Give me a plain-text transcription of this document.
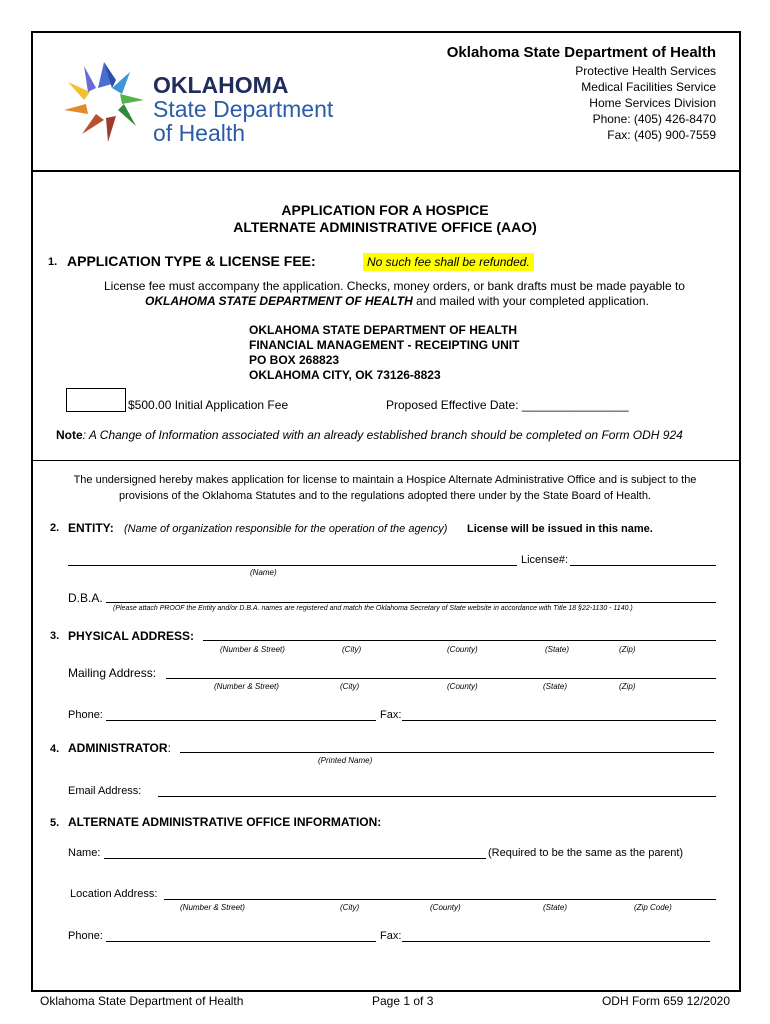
OKLAHOMA
State Department
of Health
Oklahoma State Department of Health
Protective Health Services
Medical Facilities Service
Home Services Division
Phone: (405) 426-8470
Fax: (405) 900-7559
APPLICATION FOR A HOSPICE
ALTERNATE ADMINISTRATIVE OFFICE (AAO)
1. APPLICATION TYPE & LICENSE FEE:	No such fee shall be refunded.
License fee must accompany the application. Checks, money orders, or bank drafts must be made payable to
OKLAHOMA STATE DEPARTMENT OF HEALTH and mailed with your completed application.
OKLAHOMA STATE DEPARTMENT OF HEALTH
FINANCIAL MANAGEMENT - RECEIPTING UNIT
PO BOX 268823
OKLAHOMA CITY, OK 73126-8823
$500.00 Initial Application Fee	Proposed Effective Date: ________________
Note: A Change of Information associated with an already established branch should be completed on Form ODH 924
The undersigned hereby makes application for license to maintain a Hospice Alternate Administrative Office and is subject to the
provisions of the Oklahoma Statutes and to the regulations adopted there under by the State Board of Health.
2. ENTITY: (Name of organization responsible for the operation of the agency) License will be issued in this name.
(Name)
License#:
D.B.A.
(Please attach PROOF the Entity and/or D.B.A. names are registered and match the Oklahoma Secretary of State website in accordance with Title 18 §22-1130 - 1140.)
3. PHYSICAL ADDRESS:
(Number & Street)	(City)	(County)	(State)	(Zip)
Mailing Address:
(Number & Street)	(City)	(County)	(State)	(Zip)
Phone:	Fax:
4. ADMINISTRATOR:
(Printed Name)
Email Address:
5. ALTERNATE ADMINISTRATIVE OFFICE INFORMATION:
Name:	(Required to be the same as the parent)
Location Address:
(Number & Street)	(City)	(County)	(State)	(Zip Code)
Phone:	Fax:
Oklahoma State Department of Health	Page 1 of 3	ODH Form 659 12/2020
